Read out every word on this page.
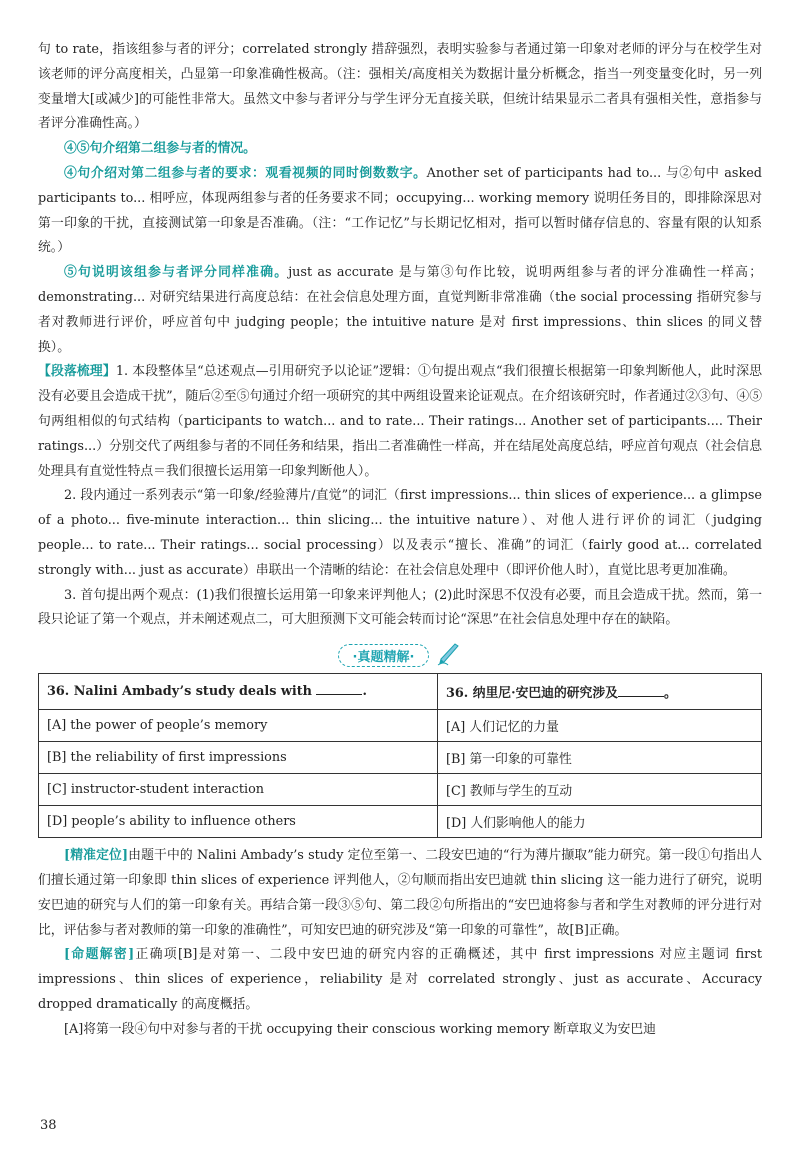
句 to rate，指该组参与者的评分；correlated strongly 措辞强烈，表明实验参与者通过第一印象对老师的评分与在校学生对该老师的评分高度相关，凸显第一印象准确性极高。（注：强相关/高度相关为数据计量分析概念，指当一列变量变化时，另一列变量增大[或减少]的可能性非常大。虽然文中参与者评分与学生评分无直接关联，但统计结果显示二者具有强相关性，意指参与者评分准确性高。）

④⑤句介绍第二组参与者的情况。

④句介绍对第二组参与者的要求：观看视频的同时倒数数字。Another set of participants had to... 与②句中 asked participants to... 相呼应，体现两组参与者的任务要求不同；occupying... working memory 说明任务目的，即排除深思对第一印象的干扰，直接测试第一印象是否准确。（注：“工作记忆”与长期记忆相对，指可以暂时储存信息的、容量有限的认知系统。）

⑤句说明该组参与者评分同样准确。just as accurate 是与第③句作比较，说明两组参与者的评分准确性一样高；demonstrating... 对研究结果进行高度总结：在社会信息处理方面，直觉判断非常准确（the social processing 指研究参与者对教师进行评价，呼应首句中 judging people；the intuitive nature 是对 first impressions、thin slices 的同义替换）。

【段落梳理】1. 本段整体呈“总述观点—引用研究予以论证”逻辑：①句提出观点“我们很擅长根据第一印象判断他人，此时深思没有必要且会造成干扰”，随后②至⑤句通过介绍一项研究的其中两组设置来论证观点。在介绍该研究时，作者通过②③句、④⑤句两组相似的句式结构（participants to watch... and to rate... Their ratings... Another set of participants.... Their ratings...）分别交代了两组参与者的不同任务和结果，指出二者准确性一样高，并在结尾处高度总结，呼应首句观点（社会信息处理具有直觉性特点＝我们很擅长运用第一印象判断他人）。

2. 段内通过一系列表示“第一印象/经验薄片/直觉”的词汇（first impressions... thin slices of experience... a glimpse of a photo... five-minute interaction... thin slicing... the intuitive nature）、对他人进行评价的词汇（judging people... to rate... Their ratings... social processing）以及表示“擅长、准确”的词汇（fairly good at... correlated strongly with... just as accurate）串联出一个清晰的结论：在社会信息处理中（即评价他人时），直觉比思考更加准确。

3. 首句提出两个观点：(1)我们很擅长运用第一印象来评判他人；(2)此时深思不仅没有必要，而且会造成干扰。然而，第一段只论证了第一个观点，并未阐述观点二，可大胆预测下文可能会转而讨论“深思”在社会信息处理中存在的缺陷。

·真题精解·
36. Nalini Ambady’s study deals with .	36. 纳里尼·安巴迪的研究涉及 。
[A] the power of people’s memory	[A] 人们记忆的力量
[B] the reliability of first impressions	[B] 第一印象的可靠性
[C] instructor-student interaction	[C] 教师与学生的互动
[D] people’s ability to influence others	[D] 人们影响他人的能力

[精准定位]由题干中的 Nalini Ambady’s study 定位至第一、二段安巴迪的“行为薄片撷取”能力研究。第一段①句指出人们擅长通过第一印象即 thin slices of experience 评判他人，②句顺而指出安巴迪就 thin slicing 这一能力进行了研究，说明安巴迪的研究与人们的第一印象有关。再结合第一段③⑤句、第二段②句所指出的“安巴迪将参与者和学生对教师的评分进行对比，评估参与者对教师的第一印象的准确性”，可知安巴迪的研究涉及“第一印象的可靠性”，故[B]正确。

[命题解密]正确项[B]是对第一、二段中安巴迪的研究内容的正确概述，其中 first impressions 对应主题词 first impressions、thin slices of experience，reliability 是对 correlated strongly、just as accurate、Accuracy dropped dramatically 的高度概括。

[A]将第一段④句中对参与者的干扰 occupying their conscious working memory 断章取义为安巴迪

38
